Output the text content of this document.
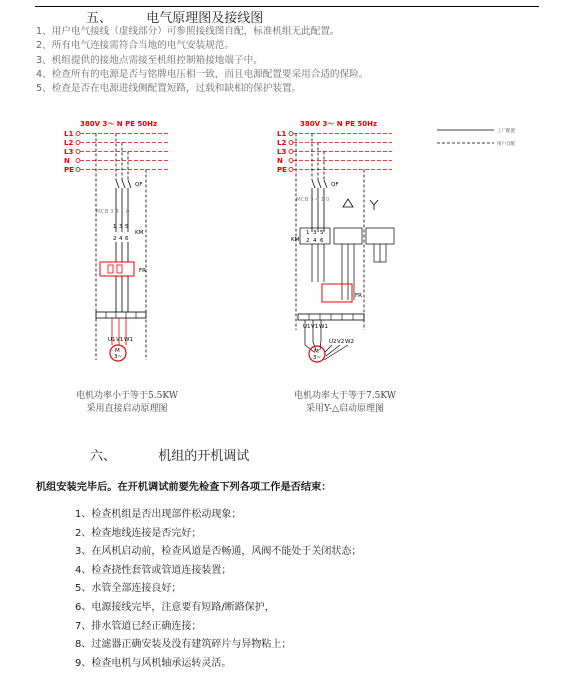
五、	电气原理图及接线图
1、用户电气接线（虚线部分）可参照接线图自配，标准机组无此配置。
2、所有电气连接需符合当地的电气安装规范。
3、机组提供的接地点需接至机组控制箱接地端子中。
4、检查所有的电源是否与铭牌电压相一致，而且电源配置要采用合适的保险。
5、检查是否在电源进线侧配置短路，过载和缺相的保护装置。
380V 3～ N PE 50Hz
L1
L2
L3
N
PE
QF
MCB 3 4 1 0
1 3 5
2 4 6
KM
FR
U1 V1 W1
M
3~
380V 3～ N PE 50Hz
L1
L2
L3
N
PE
QF
MCB 3 4 1 0
1 3 5
2 4 6
KM
FR
U1 V1 W1
U2 V2 W2
M
3~
工厂配置
用户自配
电机功率小于等于5.5KW
采用直接启动原理图
电机功率大于等于7.5KW
采用Y-△启动原理图
六、	机组的开机调试
机组安装完毕后。在开机调试前要先检查下列各项工作是否结束：
1、检查机组是否出现部件松动现象；
2、检查地线连接是否完好；
3、在风机启动前，检查风道是否畅通，风阀不能处于关闭状态；
4、检查挠性套管或管道连接装置；
5、水管全部连接良好；
6、电源接线完毕，注意要有短路/断路保护，
7、排水管道已经正确连接；
8、过滤器正确安装及没有建筑碎片与异物粘上；
9、检查电机与风机轴承运转灵活。
